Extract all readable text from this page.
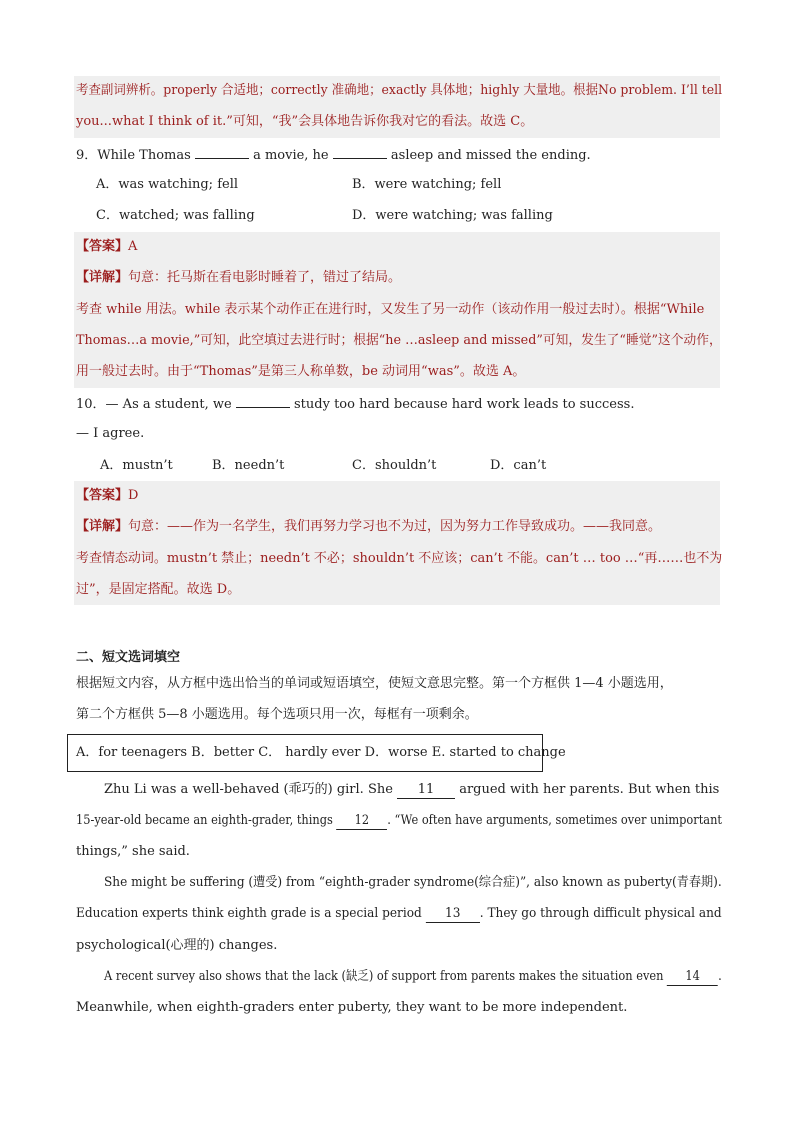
考查副词辨析。properly 合适地；correctly 准确地；exactly 具体地；highly 大量地。根据No problem. I’ll tell
you...what I think of it.”可知，“我”会具体地告诉你我对它的看法。故选 C。
9．While Thomas	a movie, he	asleep and missed the ending.
A．was watching; fell	B．were watching; fell
C．watched; was falling	D．were watching; was falling
【答案】A
【详解】句意：托马斯在看电影时睡着了，错过了结局。
考查 while 用法。while 表示某个动作正在进行时，又发生了另一动作（该动作用一般过去时）。根据“While
Thomas…a movie,”可知，此空填过去进行时；根据“he …asleep and missed”可知，发生了“睡觉”这个动作，
用一般过去时。由于“Thomas”是第三人称单数，be 动词用“was”。故选 A。
10．— As a student, we	study too hard because hard work leads to success.
— I agree.
A．mustn’t	B．needn’t	C．shouldn’t	D．can’t
【答案】D
【详解】句意：——作为一名学生，我们再努力学习也不为过，因为努力工作导致成功。——我同意。
考查情态动词。mustn’t 禁止；needn’t 不必；shouldn’t 不应该；can’t 不能。can’t … too …“再……也不为
过”，是固定搭配。故选 D。
二、短文选词填空
根据短文内容，从方框中选出恰当的单词或短语填空，使短文意思完整。第一个方框供 1—4 小题选用，
第二个方框供 5—8 小题选用。每个选项只用一次，每框有一项剩余。
A．for teenagers B．better C． hardly ever D．worse E. started to change
Zhu Li was a well-behaved (乖巧的) girl. She 11 argued with her parents. But when this
15-year-old became an eighth-grader, things 12 . “We often have arguments, sometimes over unimportant
things,” she said.
She might be suffering (遭受) from “eighth-grader syndrome(综合症)”, also known as puberty(青春期).
Education experts think eighth grade is a special period 13 . They go through difficult physical and
psychological(心理的) changes.
A recent survey also shows that the lack (缺乏) of support from parents makes the situation even 14 .
Meanwhile, when eighth-graders enter puberty, they want to be more independent.
